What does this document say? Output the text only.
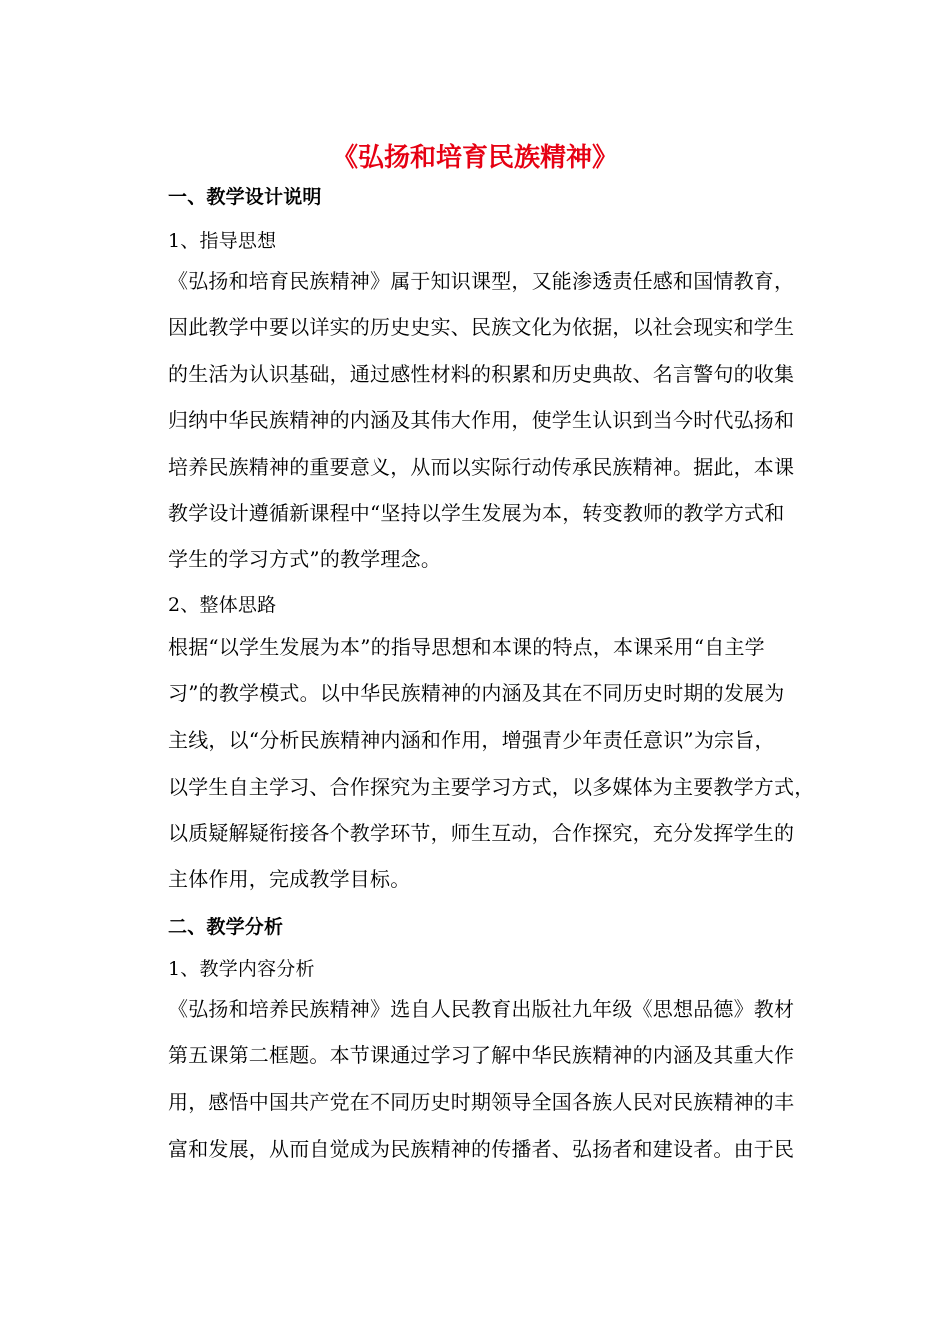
《弘扬和培育民族精神》
一、教学设计说明
1、指导思想
《弘扬和培育民族精神》属于知识课型，又能渗透责任感和国情教育，
因此教学中要以详实的历史史实、民族文化为依据，以社会现实和学生
的生活为认识基础，通过感性材料的积累和历史典故、名言警句的收集
归纳中华民族精神的内涵及其伟大作用，使学生认识到当今时代弘扬和
培养民族精神的重要意义，从而以实际行动传承民族精神。据此，本课
教学设计遵循新课程中“坚持以学生发展为本，转变教师的教学方式和
学生的学习方式”的教学理念。
2、整体思路
根据“以学生发展为本”的指导思想和本课的特点，本课采用“自主学
习”的教学模式。以中华民族精神的内涵及其在不同历史时期的发展为
主线，以“分析民族精神内涵和作用，增强青少年责任意识”为宗旨，
以学生自主学习、合作探究为主要学习方式，以多媒体为主要教学方式，
以质疑解疑衔接各个教学环节，师生互动，合作探究，充分发挥学生的
主体作用，完成教学目标。
二、教学分析
1、教学内容分析
《弘扬和培养民族精神》选自人民教育出版社九年级《思想品德》教材
第五课第二框题。本节课通过学习了解中华民族精神的内涵及其重大作
用，感悟中国共产党在不同历史时期领导全国各族人民对民族精神的丰
富和发展，从而自觉成为民族精神的传播者、弘扬者和建设者。由于民
